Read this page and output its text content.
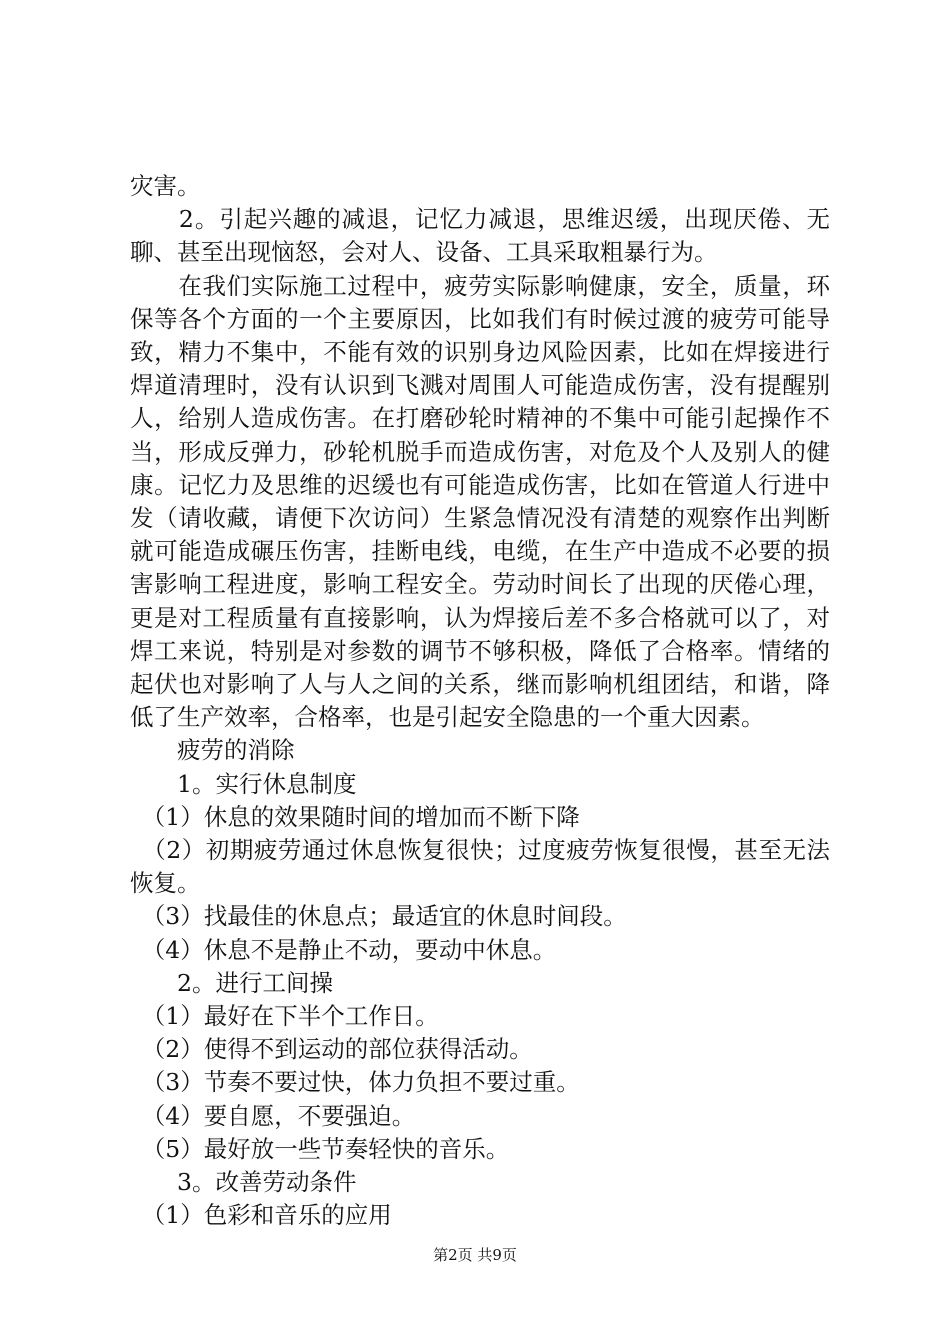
灾害。

　　2。引起兴趣的减退，记忆力减退，思维迟缓，出现厌倦、无聊、甚至出现恼怒，会对人、设备、工具采取粗暴行为。

　　在我们实际施工过程中，疲劳实际影响健康，安全，质量，环保等各个方面的一个主要原因，比如我们有时候过渡的疲劳可能导致，精力不集中，不能有效的识别身边风险因素，比如在焊接进行焊道清理时，没有认识到飞溅对周围人可能造成伤害，没有提醒别人，给别人造成伤害。在打磨砂轮时精神的不集中可能引起操作不当，形成反弹力，砂轮机脱手而造成伤害，对危及个人及别人的健康。记忆力及思维的迟缓也有可能造成伤害，比如在管道人行进中发（请收藏，请便下次访问）生紧急情况没有清楚的观察作出判断就可能造成碾压伤害，挂断电线，电缆，在生产中造成不必要的损害影响工程进度，影响工程安全。劳动时间长了出现的厌倦心理，更是对工程质量有直接影响，认为焊接后差不多合格就可以了，对焊工来说，特别是对参数的调节不够积极，降低了合格率。情绪的起伏也对影响了人与人之间的关系，继而影响机组团结，和谐，降低了生产效率，合格率，也是引起安全隐患的一个重大因素。

　　疲劳的消除

　　1。实行休息制度

　（1）休息的效果随时间的增加而不断下降

　（2）初期疲劳通过休息恢复很快；过度疲劳恢复很慢，甚至无法恢复。

　（3）找最佳的休息点；最适宜的休息时间段。

　（4）休息不是静止不动，要动中休息。

　　2。进行工间操

　（1）最好在下半个工作日。

　（2）使得不到运动的部位获得活动。

　（3）节奏不要过快，体力负担不要过重。

　（4）要自愿，不要强迫。

　（5）最好放一些节奏轻快的音乐。

　　3。改善劳动条件

　（1）色彩和音乐的应用

第2页 共9页
